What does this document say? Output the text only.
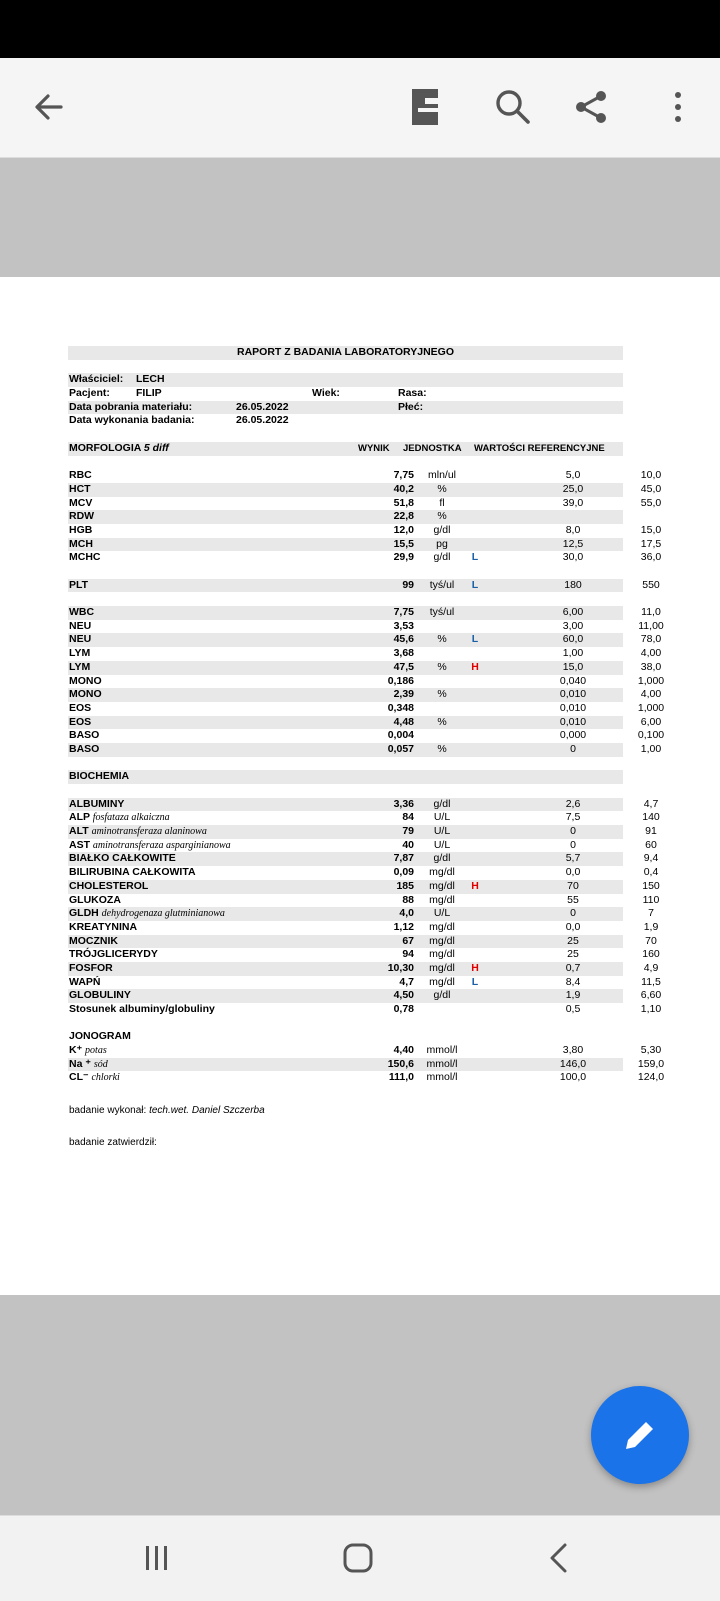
RAPORT Z BADANIA LABORATORYJNEGO
Właściciel: LECH
Pacjent: FILIP	Wiek:	Rasa:
Data pobrania materiału:	26.05.2022	Płeć:
Data wykonania badania:	26.05.2022
MORFOLOGIA 5 diff	WYNIK JEDNOSTKA WARTOŚCI REFERENCYJNE
RBC	7,75	mln/ul	5,0	10,0
HCT	40,2	%	25,0	45,0
MCV	51,8	fl	39,0	55,0
RDW	22,8	%
HGB	12,0	g/dl	8,0	15,0
MCH	15,5	pg	12,5	17,5
MCHC	29,9	g/dl	L	30,0	36,0
PLT	99	tyś/ul	L	180	550
WBC	7,75	tyś/ul	6,00	11,0
NEU	3,53	3,00	11,00
NEU	45,6	%	L	60,0	78,0
LYM	3,68	1,00	4,00
LYM	47,5	%	H	15,0	38,0
MONO	0,186	0,040	1,000
MONO	2,39	%	0,010	4,00
EOS	0,348	0,010	1,000
EOS	4,48	%	0,010	6,00
BASO	0,004	0,000	0,100
BASO	0,057	%	0	1,00
BIOCHEMIA
ALBUMINY	3,36	g/dl	2,6	4,7
ALP fosfataza alkaiczna	84	U/L	7,5	140
ALT aminotransferaza alaninowa	79	U/L	0	91
AST aminotransferaza asparginianowa	40	U/L	0	60
BIAŁKO CAŁKOWITE	7,87	g/dl	5,7	9,4
BILIRUBINA CAŁKOWITA	0,09	mg/dl	0,0	0,4
CHOLESTEROL	185	mg/dl	H	70	150
GLUKOZA	88	mg/dl	55	110
GLDH dehydrogenaza glutminianowa	4,0	U/L	0	7
KREATYNINA	1,12	mg/dl	0,0	1,9
MOCZNIK	67	mg/dl	25	70
TRÓJGLICERYDY	94	mg/dl	25	160
FOSFOR	10,30	mg/dl	H	0,7	4,9
WAPŃ	4,7	mg/dl	L	8,4	11,5
GLOBULINY	4,50	g/dl	1,9	6,60
Stosunek albuminy/globuliny	0,78	0,5	1,10
JONOGRAM
K⁺ potas	4,40	mmol/l	3,80	5,30
Na ⁺ sód	150,6	mmol/l	146,0	159,0
CL⁻ chlorki	111,0	mmol/l	100,0	124,0
badanie wykonał: tech.wet. Daniel Szczerba
badanie zatwierdził:
